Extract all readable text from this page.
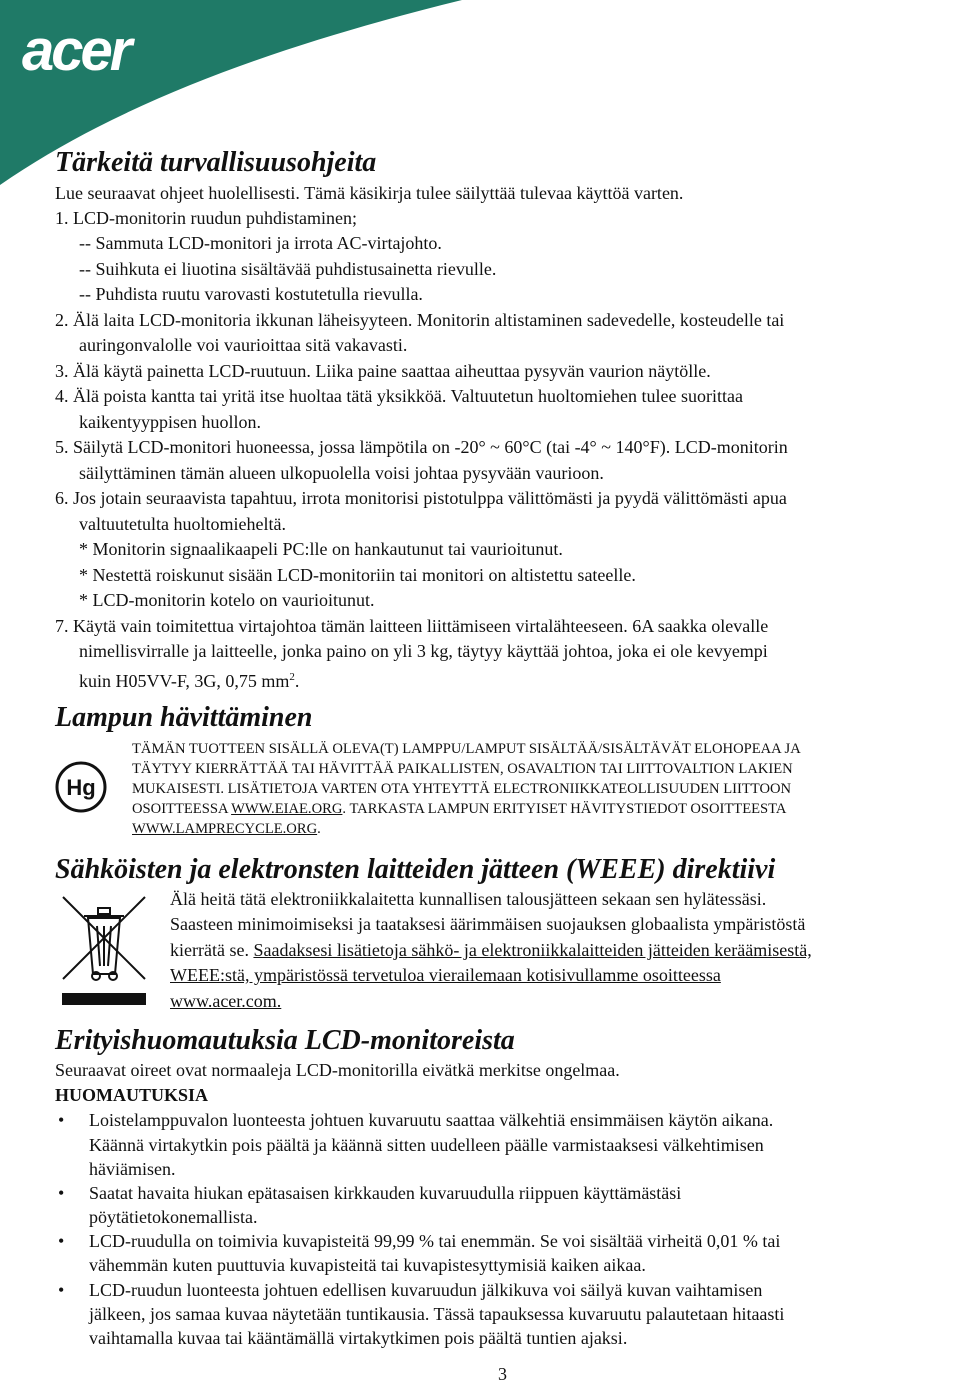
acer
Tärkeitä turvallisuusohjeita
Lue seuraavat ohjeet huolellisesti. Tämä käsikirja tulee säilyttää tulevaa käyttöä varten.
1. LCD-monitorin ruudun puhdistaminen;
-- Sammuta LCD-monitori ja irrota AC-virtajohto.
-- Suihkuta ei liuotina sisältävää puhdistusainetta rievulle.
-- Puhdista ruutu varovasti kostutetulla rievulla.
2. Älä laita LCD-monitoria ikkunan läheisyyteen. Monitorin altistaminen sadevedelle, kosteudelle tai
auringonvalolle voi vaurioittaa sitä vakavasti.
3. Älä käytä painetta LCD-ruutuun. Liika paine saattaa aiheuttaa pysyvän vaurion näytölle.
4. Älä poista kantta tai yritä itse huoltaa tätä yksikköä. Valtuutetun huoltomiehen tulee suorittaa
kaikentyyppisen huollon.
5. Säilytä LCD-monitori huoneessa, jossa lämpötila on -20° ~ 60°C (tai -4° ~ 140°F). LCD-monitorin
säilyttäminen tämän alueen ulkopuolella voisi johtaa pysyvään vaurioon.
6. Jos jotain seuraavista tapahtuu, irrota monitorisi pistotulppa välittömästi ja pyydä välittömästi apua
valtuutetulta huoltomieheltä.
* Monitorin signaalikaapeli PC:lle on hankautunut tai vaurioitunut.
* Nestettä roiskunut sisään LCD-monitoriin tai monitori on altistettu sateelle.
* LCD-monitorin kotelo on vaurioitunut.
7. Käytä vain toimitettua virtajohtoa tämän laitteen liittämiseen virtalähteeseen. 6A saakka olevalle
nimellisvirralle ja laitteelle, jonka paino on yli 3 kg, täytyy käyttää johtoa, joka ei ole kevyempi
kuin H05VV-F, 3G, 0,75 $mm^2$.
Lampun hävittäminen
Hg
TÄMÄN TUOTTEEN SISÄLLÄ OLEVA(T) LAMPPU/LAMPUT SISÄLTÄÄ/SISÄLTÄVÄT ELOHOPEAA JA
TÄYTYY KIERRÄTTÄÄ TAI HÄVITTÄÄ PAIKALLISTEN, OSAVALTION TAI LIITTOVALTION LAKIEN
MUKAISESTI. LISÄTIETOJA VARTEN OTA YHTEYTTÄ ELECTRONIIKKATEOLLISUUDEN LIITTOON
OSOITTEESSA WWW.EIAE.ORG. TARKASTA LAMPUN ERITYISET HÄVITYSTIEDOT OSOITTEESTA
WWW.LAMPRECYCLE.ORG.
Sähköisten ja elektronsten laitteiden jätteen (WEEE) direktiivi
Älä heitä tätä elektroniikkalaitetta kunnallisen talousjätteen sekaan sen hylätessäsi.
Saasteen minimoimiseksi ja taataksesi äärimmäisen suojauksen globaalista ympäristöstä
kierrätä se. Saadaksesi lisätietoja sähkö- ja elektroniikkalaitteiden jätteiden keräämisestä,
WEEE:stä, ympäristössä tervetuloa vierailemaan kotisivullamme osoitteessa
www.acer.com.
Erityishuomautuksia LCD-monitoreista
Seuraavat oireet ovat normaaleja LCD-monitorilla eivätkä merkitse ongelmaa.
HUOMAUTUKSIA
• Loistelamppuvalon luonteesta johtuen kuvaruutu saattaa välkehtiä ensimmäisen käytön aikana.
Käännä virtakytkin pois päältä ja käännä sitten uudelleen päälle varmistaaksesi välkehtimisen
häviämisen.
• Saatat havaita hiukan epätasaisen kirkkauden kuvaruudulla riippuen käyttämästäsi
pöytätietokonemallista.
• LCD-ruudulla on toimivia kuvapisteitä 99,99 % tai enemmän. Se voi sisältää virheitä 0,01 % tai
vähemmän kuten puuttuvia kuvapisteitä tai kuvapistesyttymisiä kaiken aikaa.
• LCD-ruudun luonteesta johtuen edellisen kuvaruudun jälkikuva voi säilyä kuvan vaihtamisen
jälkeen, jos samaa kuvaa näytetään tuntikausia. Tässä tapauksessa kuvaruutu palautetaan hitaasti
vaihtamalla kuvaa tai kääntämällä virtakytkimen pois päältä tuntien ajaksi.
3
